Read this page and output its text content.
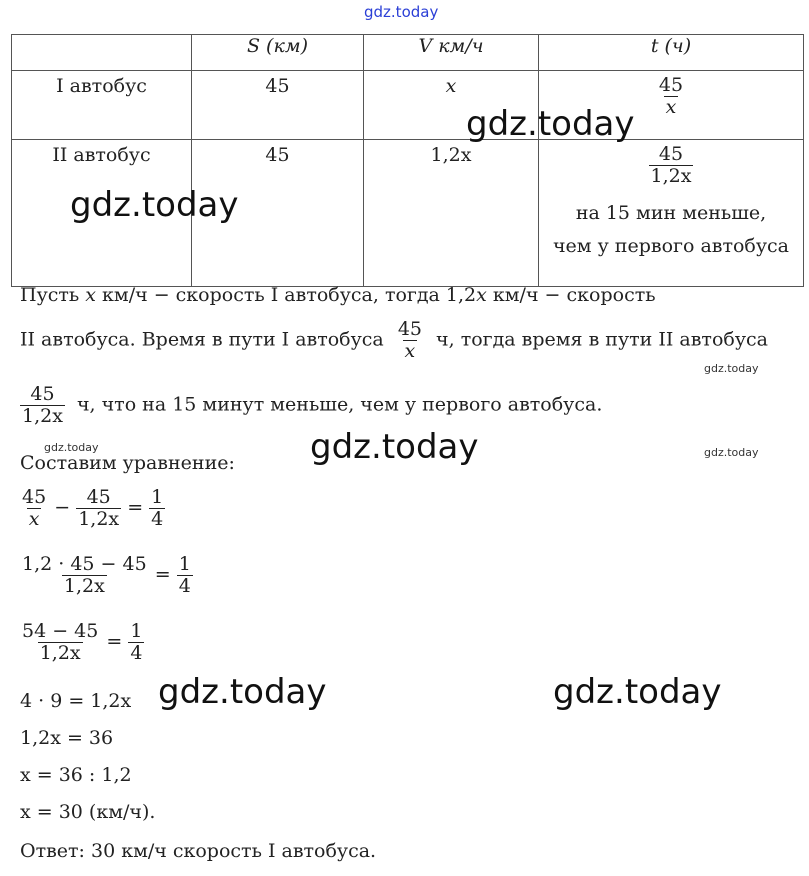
gdz.today
	S (км)	V км/ч	t (ч)
I автобус	45	x	$\frac{45}{x}$

II автобус	45	1,2x	$\frac{45}{1,2x}$
на 15 мин меньше,
чем у первого автобуса
gdz.today
gdz.today
Пусть x км/ч − скорость I автобуса, тогда 1,2x км/ч − скорость
II автобуса. Время в пути I автобуса $\frac{45}{x} ч$, тогда время в пути II автобуса
gdz.today
$\frac{45}{1,2x} ч$, что на 15 минут меньше, чем у первого автобуса.
gdz.today	gdz.today
gdz.today
Составим уравнение:
$\frac{45}{x} - \frac{45}{1,2x} = \frac{1}{4}$
$\frac{1,2 \cdot 45 - 45}{1,2x} = \frac{1}{4}$
$\frac{54 - 45}{1,2x} = \frac{1}{4}$
gdz.today	gdz.today
4 · 9 = 1,2x
1,2x = 36
x = 36 : 1,2
x = 30 (км/ч).
Ответ: 30 км/ч скорость I автобуса.
